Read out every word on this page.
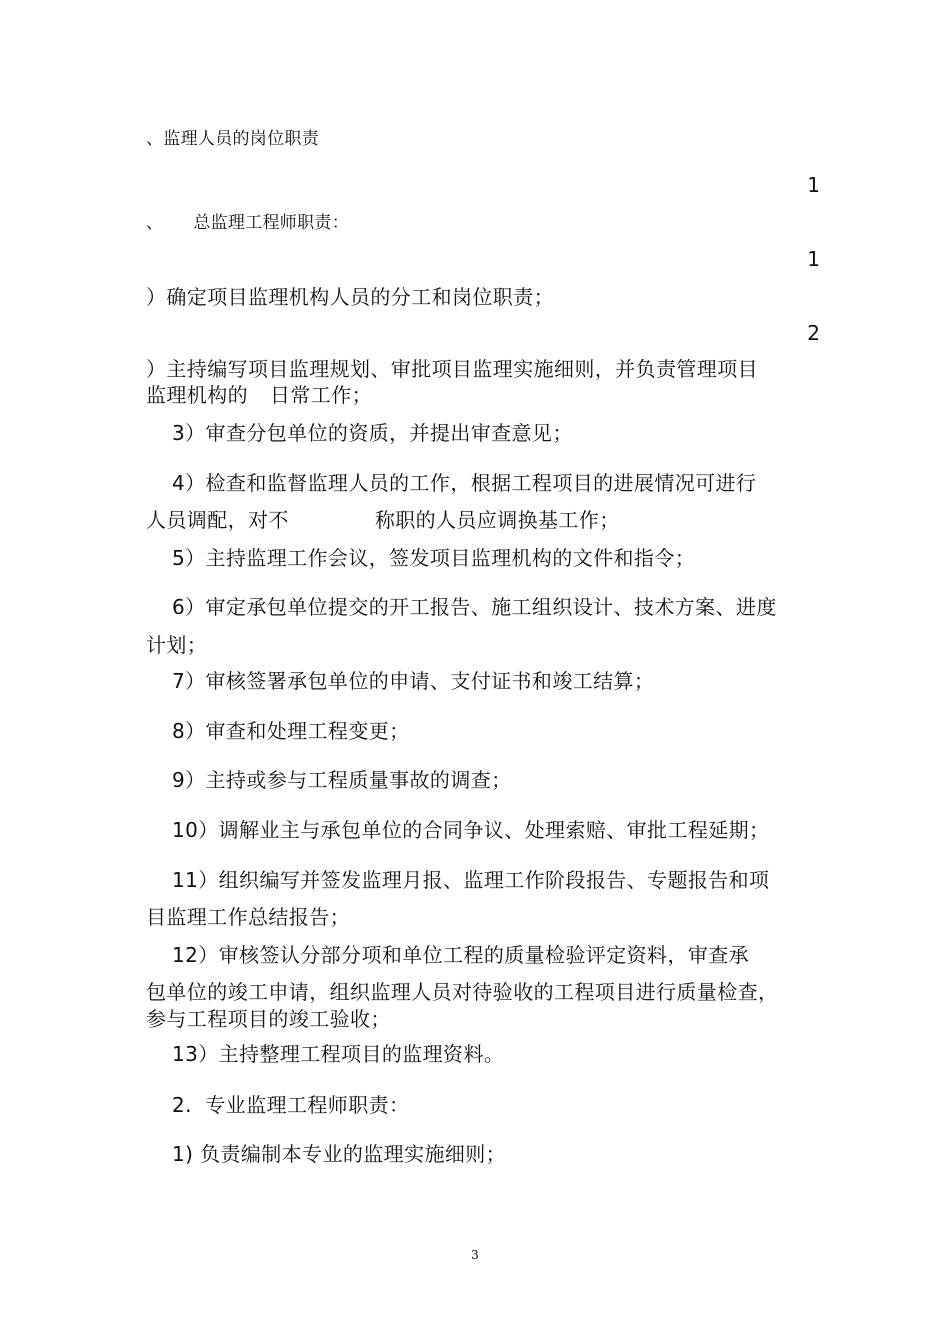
、监理人员的岗位职责
1
、 总监理工程师职责：
1
）确定项目监理机构人员的分工和岗位职责；
2
）主持编写项目监理规划、审批项目监理实施细则，并负责管理项目
监理机构的 日常工作；
3）审查分包单位的资质，并提出审查意见；
4）检查和监督监理人员的工作，根据工程项目的进展情况可进行
人员调配，对不	称职的人员应调换基工作；
5）主持监理工作会议，签发项目监理机构的文件和指令；
6）审定承包单位提交的开工报告、施工组织设计、技术方案、进度
计划；
7）审核签署承包单位的申请、支付证书和竣工结算；
8）审查和处理工程变更；
9）主持或参与工程质量事故的调查；
10）调解业主与承包单位的合同争议、处理索赔、审批工程延期；
11）组织编写并签发监理月报、监理工作阶段报告、专题报告和项
目监理工作总结报告；
12）审核签认分部分项和单位工程的质量检验评定资料，审查承
包单位的竣工申请，组织监理人员对待验收的工程项目进行质量检查，
参与工程项目的竣工验收；
13）主持整理工程项目的监理资料。
2.  专业监理工程师职责：
1) 负责编制本专业的监理实施细则；
3
